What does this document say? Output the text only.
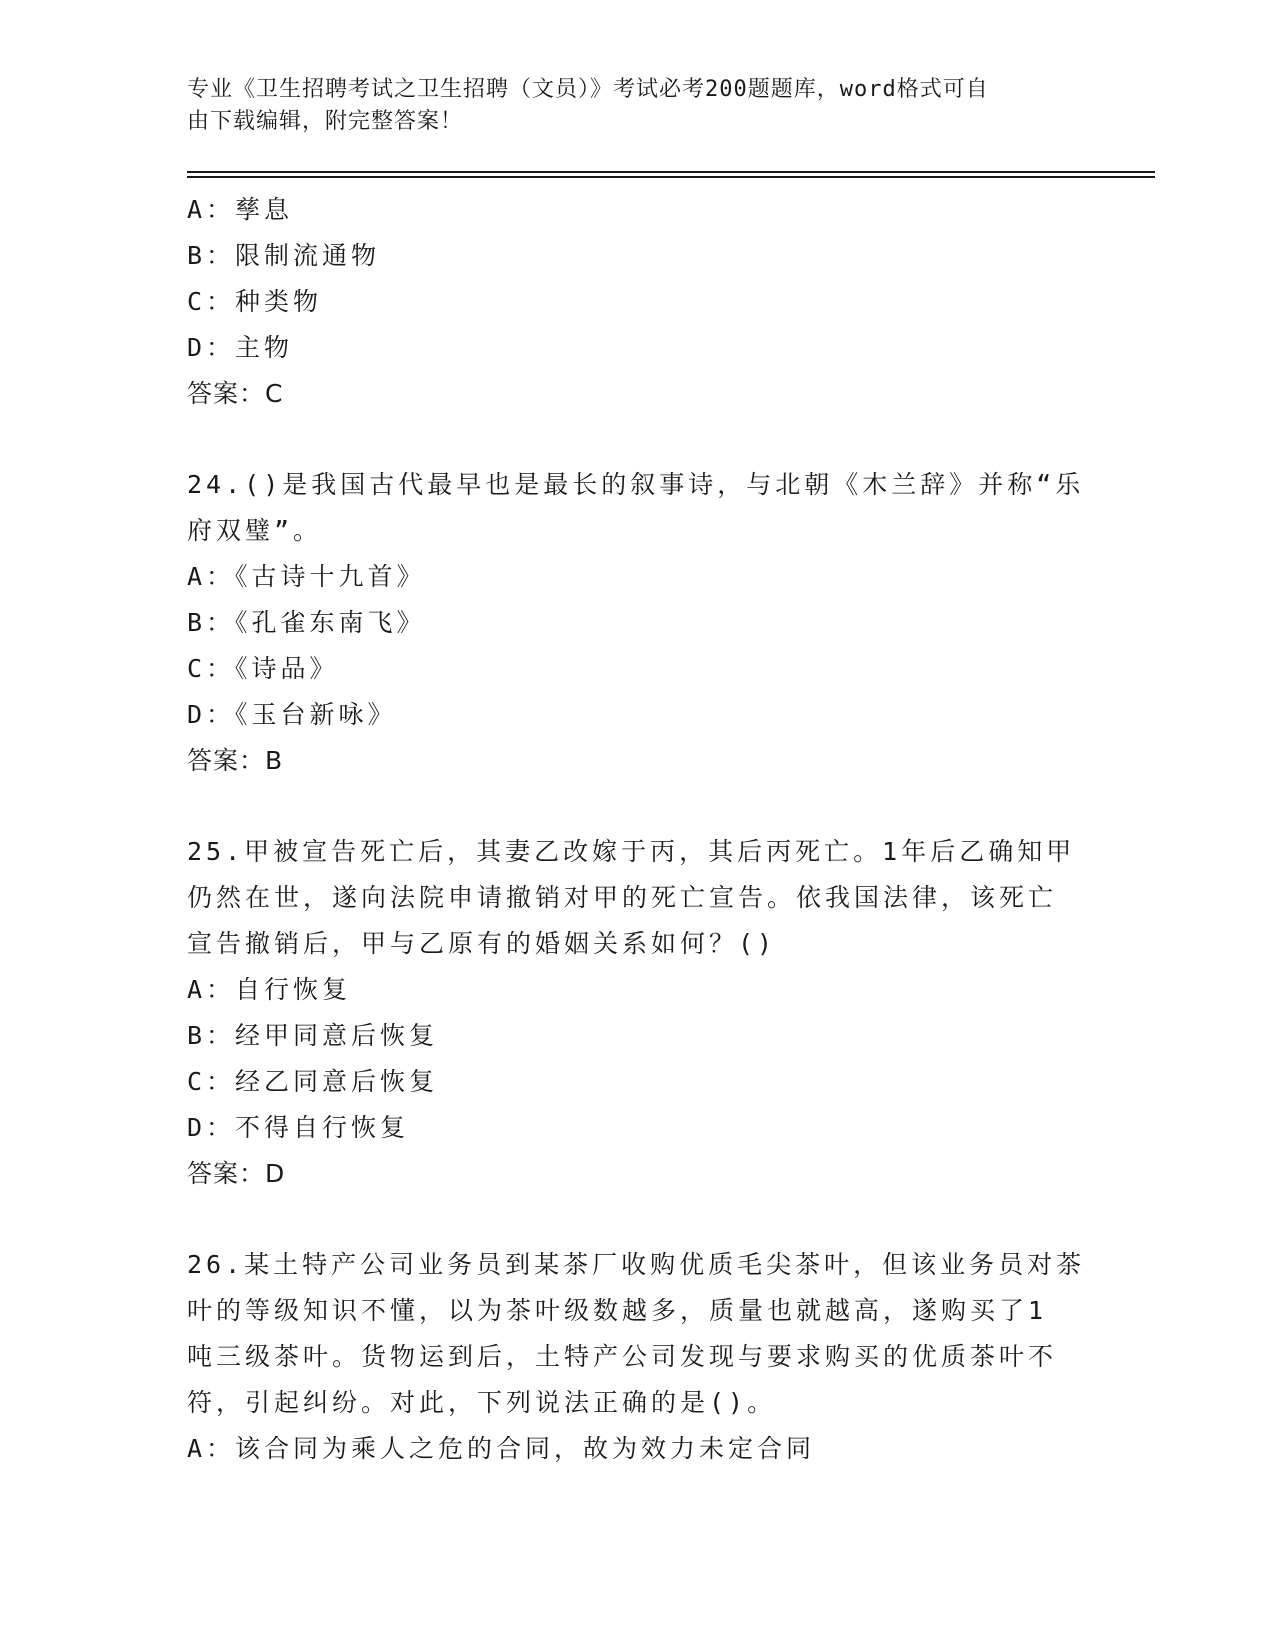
专业《卫生招聘考试之卫生招聘（文员）》考试必考200题题库，word格式可自
由下载编辑，附完整答案！
A：孳息
B：限制流通物
C：种类物
D：主物
答案：C
24.()是我国古代最早也是最长的叙事诗，与北朝《木兰辞》并称“乐
府双璧”。
A：《古诗十九首》
B：《孔雀东南飞》
C：《诗品》
D：《玉台新咏》
答案：B
25.甲被宣告死亡后，其妻乙改嫁于丙，其后丙死亡。1年后乙确知甲
仍然在世，遂向法院申请撤销对甲的死亡宣告。依我国法律，该死亡
宣告撤销后，甲与乙原有的婚姻关系如何？()
A：自行恢复
B：经甲同意后恢复
C：经乙同意后恢复
D：不得自行恢复
答案：D
26.某土特产公司业务员到某茶厂收购优质毛尖茶叶，但该业务员对茶
叶的等级知识不懂，以为茶叶级数越多，质量也就越高，遂购买了1
吨三级茶叶。货物运到后，土特产公司发现与要求购买的优质茶叶不
符，引起纠纷。对此，下列说法正确的是()。
A：该合同为乘人之危的合同，故为效力未定合同
